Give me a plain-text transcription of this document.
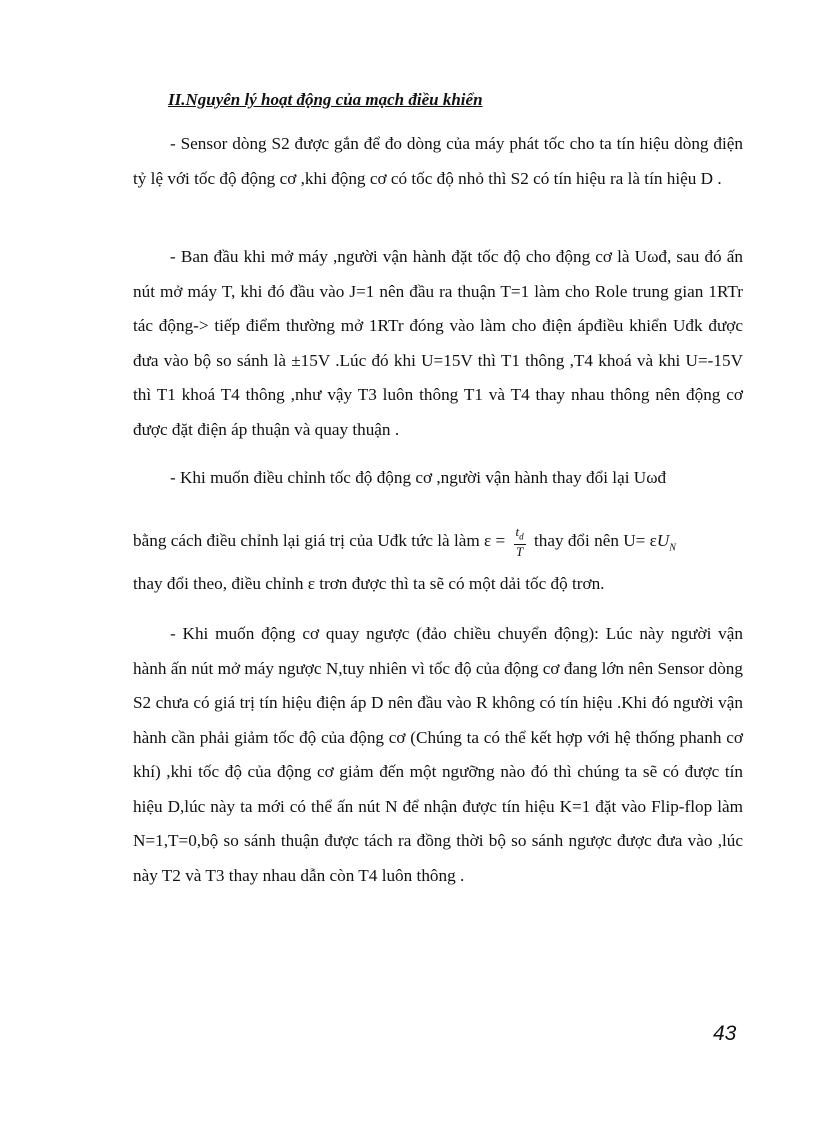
II.Nguyên lý hoạt động của mạch điều khiển

- Sensor dòng S2 được gắn để đo dòng của máy phát tốc cho ta tín hiệu dòng điện tỷ lệ với tốc độ động cơ ,khi động cơ có tốc độ nhỏ thì S2 có tín hiệu ra là tín hiệu D .

- Ban đầu khi mở máy ,người vận hành đặt tốc độ cho động cơ là Uωđ, sau đó ấn nút mở máy T, khi đó đầu vào J=1 nên đầu ra thuận T=1 làm cho Role trung gian 1RTr tác động-> tiếp điểm thường mở 1RTr đóng vào làm cho điện ápđiều khiển Uđk được đưa vào bộ so sánh là ±15V .Lúc đó khi U=15V thì T1 thông ,T4 khoá và khi U=-15V thì T1 khoá T4 thông ,như vậy T3 luôn thông T1 và T4 thay nhau thông nên động cơ được đặt điện áp thuận và quay thuận .

- Khi muốn điều chỉnh tốc độ động cơ ,người vận hành thay đổi lại Uωđ
bằng cách điều chỉnh lại giá trị của Uđk tức là làm $\varepsilon = \frac{t_d}{T}$ thay đổi nên $U= \varepsilon U_N$
thay đổi theo, điều chỉnh ε trơn được thì ta sẽ có một dải tốc độ trơn.

- Khi muốn động cơ quay ngược (đảo chiều chuyển động): Lúc này người vận hành ấn nút mở máy ngược N,tuy nhiên vì tốc độ của động cơ đang lớn nên Sensor dòng S2 chưa có giá trị tín hiệu điện áp D nên đầu vào R không có tín hiệu .Khi đó người vận hành cần phải giảm tốc độ của động cơ (Chúng ta có thể kết hợp với hệ thống phanh cơ khí) ,khi tốc độ của động cơ giảm đến một ngưỡng nào đó thì chúng ta sẽ có được tín hiệu D,lúc này ta mới có thể ấn nút N để nhận được tín hiệu K=1 đặt vào Flip-flop làm N=1,T=0,bộ so sánh thuận được tách ra đồng thời bộ so sánh ngược được đưa vào ,lúc này T2 và T3 thay nhau dẫn còn T4 luôn thông .

43
